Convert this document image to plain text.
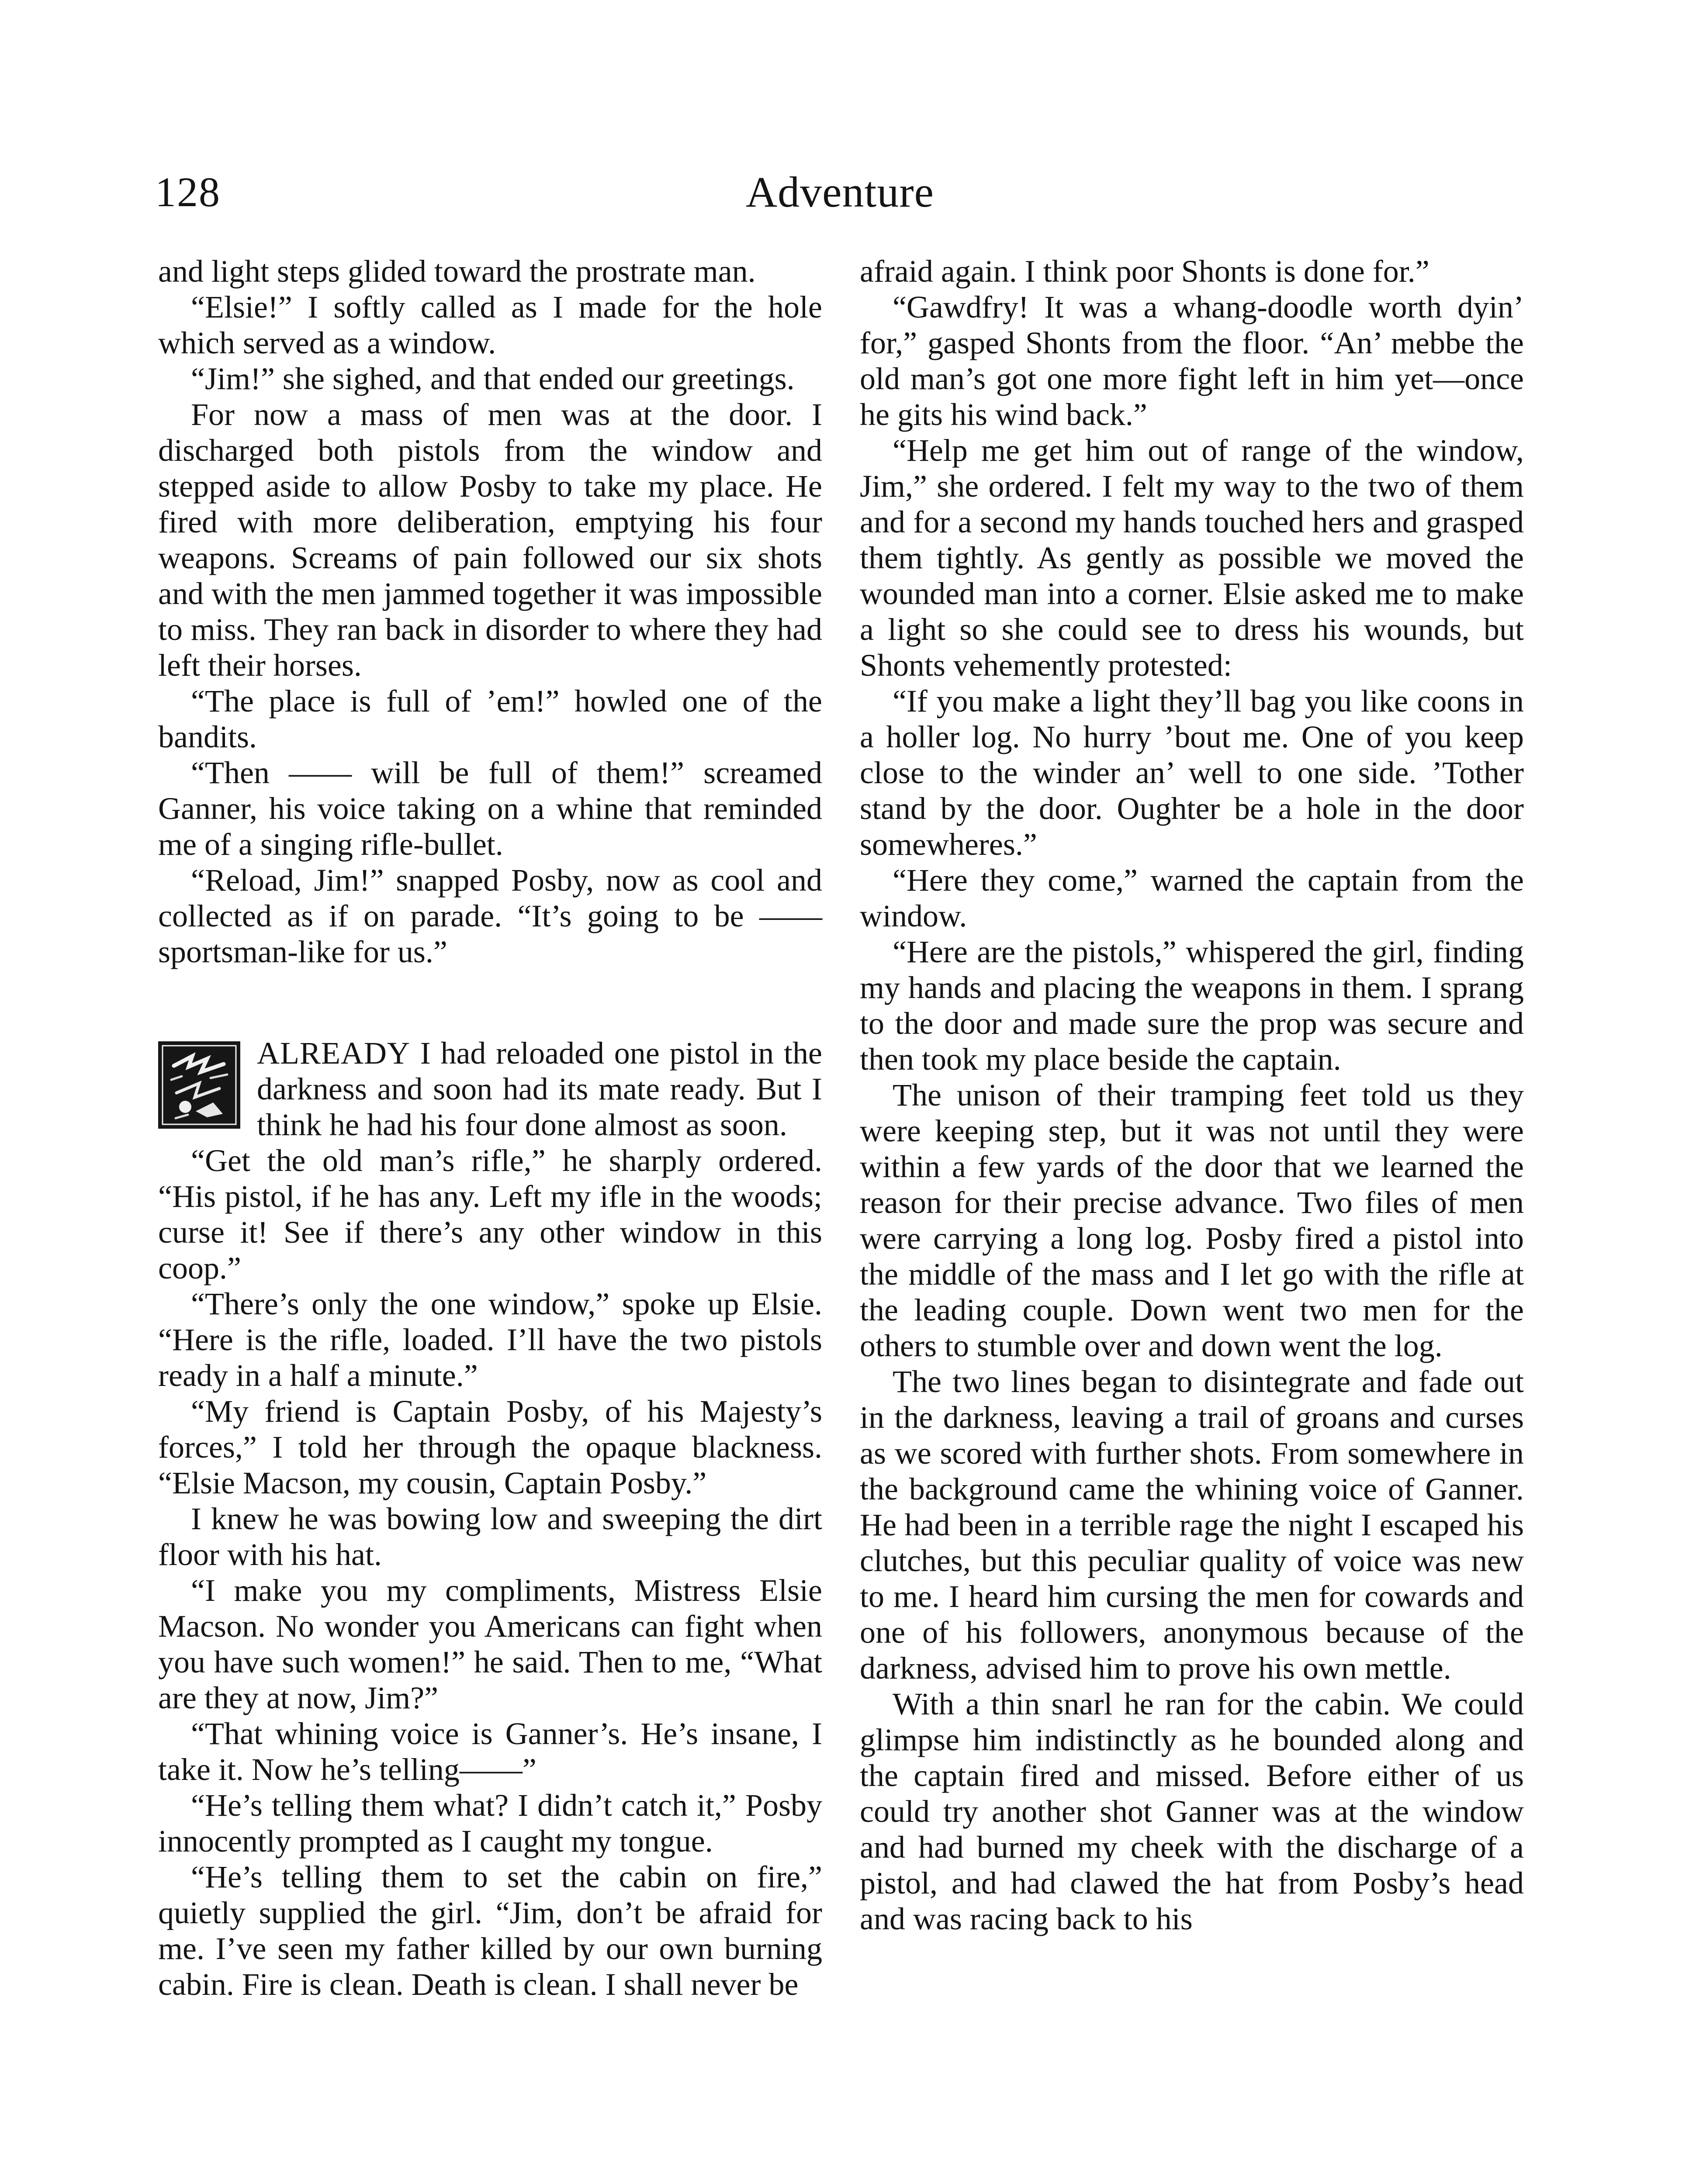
128	Adventure

and light steps glided toward the prostrate man.

“Elsie!” I softly called as I made for the hole which served as a window.

“Jim!” she sighed, and that ended our greetings.

For now a mass of men was at the door. I discharged both pistols from the window and stepped aside to allow Posby to take my place. He fired with more deliberation, emptying his four weapons. Screams of pain followed our six shots and with the men jammed together it was impossible to miss. They ran back in disorder to where they had left their horses.

“The place is full of ’em!” howled one of the bandits.

“Then —— will be full of them!” screamed Ganner, his voice taking on a whine that reminded me of a singing rifle-bullet.

“Reload, Jim!” snapped Posby, now as cool and collected as if on parade. “It’s going to be —— sportsman-like for us.”

ALREADY I had reloaded one pistol in the darkness and soon had its mate ready. But I think he had his four done almost as soon.

“Get the old man’s rifle,” he sharply ordered. “His pistol, if he has any. Left my ifle in the woods; curse it! See if there’s any other window in this coop.”

“There’s only the one window,” spoke up Elsie. “Here is the rifle, loaded. I’ll have the two pistols ready in a half a minute.”

“My friend is Captain Posby, of his Majesty’s forces,” I told her through the opaque blackness. “Elsie Macson, my cousin, Captain Posby.”

I knew he was bowing low and sweeping the dirt floor with his hat.

“I make you my compliments, Mistress Elsie Macson. No wonder you Americans can fight when you have such women!” he said. Then to me, “What are they at now, Jim?”

“That whining voice is Ganner’s. He’s insane, I take it. Now he’s telling——”

“He’s telling them what? I didn’t catch it,” Posby innocently prompted as I caught my tongue.

“He’s telling them to set the cabin on fire,” quietly supplied the girl. “Jim, don’t be afraid for me. I’ve seen my father killed by our own burning cabin. Fire is clean. Death is clean. I shall never be

afraid again. I think poor Shonts is done for.”

“Gawdfry! It was a whang-doodle worth dyin’ for,” gasped Shonts from the floor. “An’ mebbe the old man’s got one more fight left in him yet—once he gits his wind back.”

“Help me get him out of range of the window, Jim,” she ordered. I felt my way to the two of them and for a second my hands touched hers and grasped them tightly. As gently as possible we moved the wounded man into a corner. Elsie asked me to make a light so she could see to dress his wounds, but Shonts vehemently protested:

“If you make a light they’ll bag you like coons in a holler log. No hurry ’bout me. One of you keep close to the winder an’ well to one side. ’Tother stand by the door. Oughter be a hole in the door somewheres.”

“Here they come,” warned the captain from the window.

“Here are the pistols,” whispered the girl, finding my hands and placing the weapons in them. I sprang to the door and made sure the prop was secure and then took my place beside the captain.

The unison of their tramping feet told us they were keeping step, but it was not until they were within a few yards of the door that we learned the reason for their precise advance. Two files of men were carrying a long log. Posby fired a pistol into the middle of the mass and I let go with the rifle at the leading couple. Down went two men for the others to stumble over and down went the log.

The two lines began to disintegrate and fade out in the darkness, leaving a trail of groans and curses as we scored with further shots. From somewhere in the background came the whining voice of Ganner. He had been in a terrible rage the night I escaped his clutches, but this peculiar quality of voice was new to me. I heard him cursing the men for cowards and one of his followers, anonymous because of the darkness, advised him to prove his own mettle.

With a thin snarl he ran for the cabin. We could glimpse him indistinctly as he bounded along and the captain fired and missed. Before either of us could try another shot Ganner was at the window and had burned my cheek with the discharge of a pistol, and had clawed the hat from Posby’s head and was racing back to his
